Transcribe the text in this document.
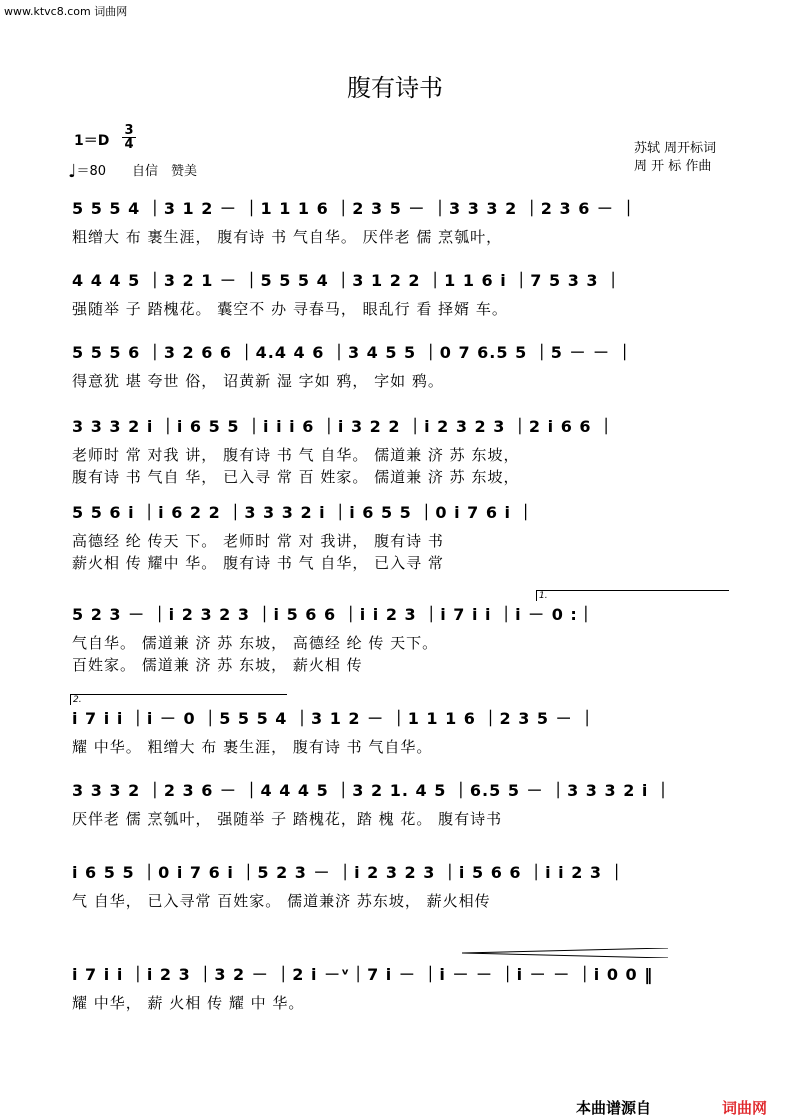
www.ktvc8.com 词曲网
腹有诗书
1＝D
3
4
♩＝80　　自信　赞美
苏轼 周开标词
周 开 标 作曲
5 5 5 4 ｜3 1 2 － ｜1 1 1 6 ｜2 3 5 － ｜3 3 3 2 ｜2 3 6 － ｜
粗缯大 布 裹生涯， 腹有诗 书 气自华。 厌伴老 儒 烹瓠叶，
4 4 4 5 ｜3 2 1 － ｜5 5 5 4 ｜3 1 2 2 ｜1 1 6 i ｜7 5 3 3 ｜
强随举 子 踏槐花。 囊空不 办 寻春马， 眼乱行 看 择婿 车。
5 5 5 6 ｜3 2 6 6 ｜4.4 4 6 ｜3 4 5 5 ｜0 7 6.5 5 ｜5 － － ｜
得意犹 堪 夸世 俗， 诏黄新 湿 字如 鸦， 字如 鸦。
3 3 3 2 i ｜i 6 5 5 ｜i i i 6 ｜i 3 2 2 ｜i 2 3 2 3 ｜2 i 6 6 ｜
老师时 常 对我 讲， 腹有诗 书 气 自华。 儒道兼 济 苏 东坡，
腹有诗 书 气自 华， 已入寻 常 百 姓家。 儒道兼 济 苏 东坡，
5 5 6 i ｜i 6 2 2 ｜3 3 3 2 i ｜i 6 5 5 ｜0 i 7 6 i ｜
高德经 纶 传天 下。 老师时 常 对 我讲， 腹有诗 书
薪火相 传 耀中 华。 腹有诗 书 气 自华， 已入寻 常
1.
5 2 3 － ｜i 2 3 2 3 ｜i 5 6 6 ｜i i 2 3 ｜i 7 i i ｜i － 0 :｜
气自华。 儒道兼 济 苏 东坡， 高德经 纶 传 天下。
百姓家。 儒道兼 济 苏 东坡， 薪火相 传
2.
i 7 i i ｜i － 0 ｜5 5 5 4 ｜3 1 2 － ｜1 1 1 6 ｜2 3 5 － ｜
耀 中华。 粗缯大 布 裹生涯， 腹有诗 书 气自华。
3 3 3 2 ｜2 3 6 － ｜4 4 4 5 ｜3 2 1. 4 5 ｜6.5 5 － ｜3 3 3 2 i ｜
厌伴老 儒 烹瓠叶， 强随举 子 踏槐花，踏 槐 花。 腹有诗书
i 6 5 5 ｜0 i 7 6 i ｜5 2 3 － ｜i 2 3 2 3 ｜i 5 6 6 ｜i i 2 3 ｜
气 自华， 已入寻常 百姓家。 儒道兼济 苏东坡， 薪火相传
i 7 i i ｜i 2 3 ｜3 2 － ｜2 i －ᵛ｜7 i － ｜i － － ｜i － － ｜i 0 0 ‖
耀 中华， 薪 火相 传 耀 中 华。
本曲谱源自	词曲网
